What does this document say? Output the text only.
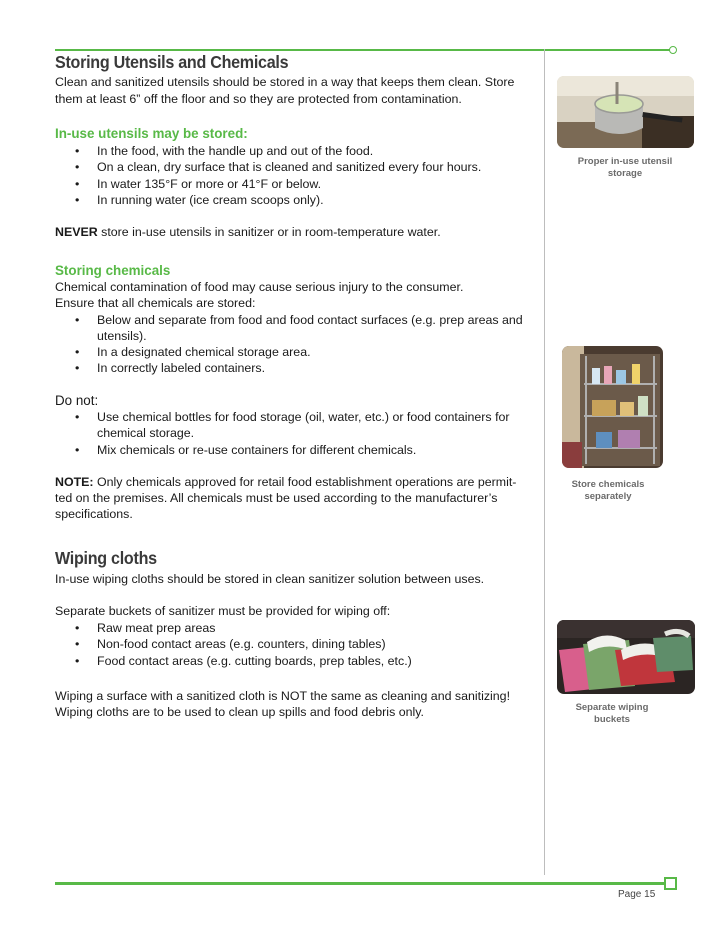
Page 15
Storing Utensils and Chemicals
Clean and sanitized utensils should be stored in a way that keeps them clean. Store
them at least 6” off the floor and so they are protected from contamination.
In-use utensils may be stored:
• In the food, with the handle up and out of the food.
• On a clean, dry surface that is cleaned and sanitized every four hours.
• In water 135°F or more or 41°F or below.
• In running water (ice cream scoops only).
NEVER store in-use utensils in sanitizer or in room-temperature water.
Storing chemicals
Chemical contamination of food may cause serious injury to the consumer.
Ensure that all chemicals are stored:
• Below and separate from food and food contact surfaces (e.g. prep areas and
utensils).
• In a designated chemical storage area.
• In correctly labeled containers.
Do not:
• Use chemical bottles for food storage (oil, water, etc.) or food containers for
chemical storage.
• Mix chemicals or re-use containers for different chemicals.
NOTE: Only chemicals approved for retail food establishment operations are permit-
ted on the premises. All chemicals must be used according to the manufacturer’s
specifications.
Wiping cloths
In-use wiping cloths should be stored in clean sanitizer solution between uses.
Separate buckets of sanitizer must be provided for wiping off:
• Raw meat prep areas
• Non-food contact areas (e.g. counters, dining tables)
• Food contact areas (e.g. cutting boards, prep tables, etc.)
Wiping a surface with a sanitized cloth is NOT the same as cleaning and sanitizing!
Wiping cloths are to be used to clean up spills and food debris only.
Proper in-use utensil
storage
Store chemicals
separately
Separate wiping
buckets
